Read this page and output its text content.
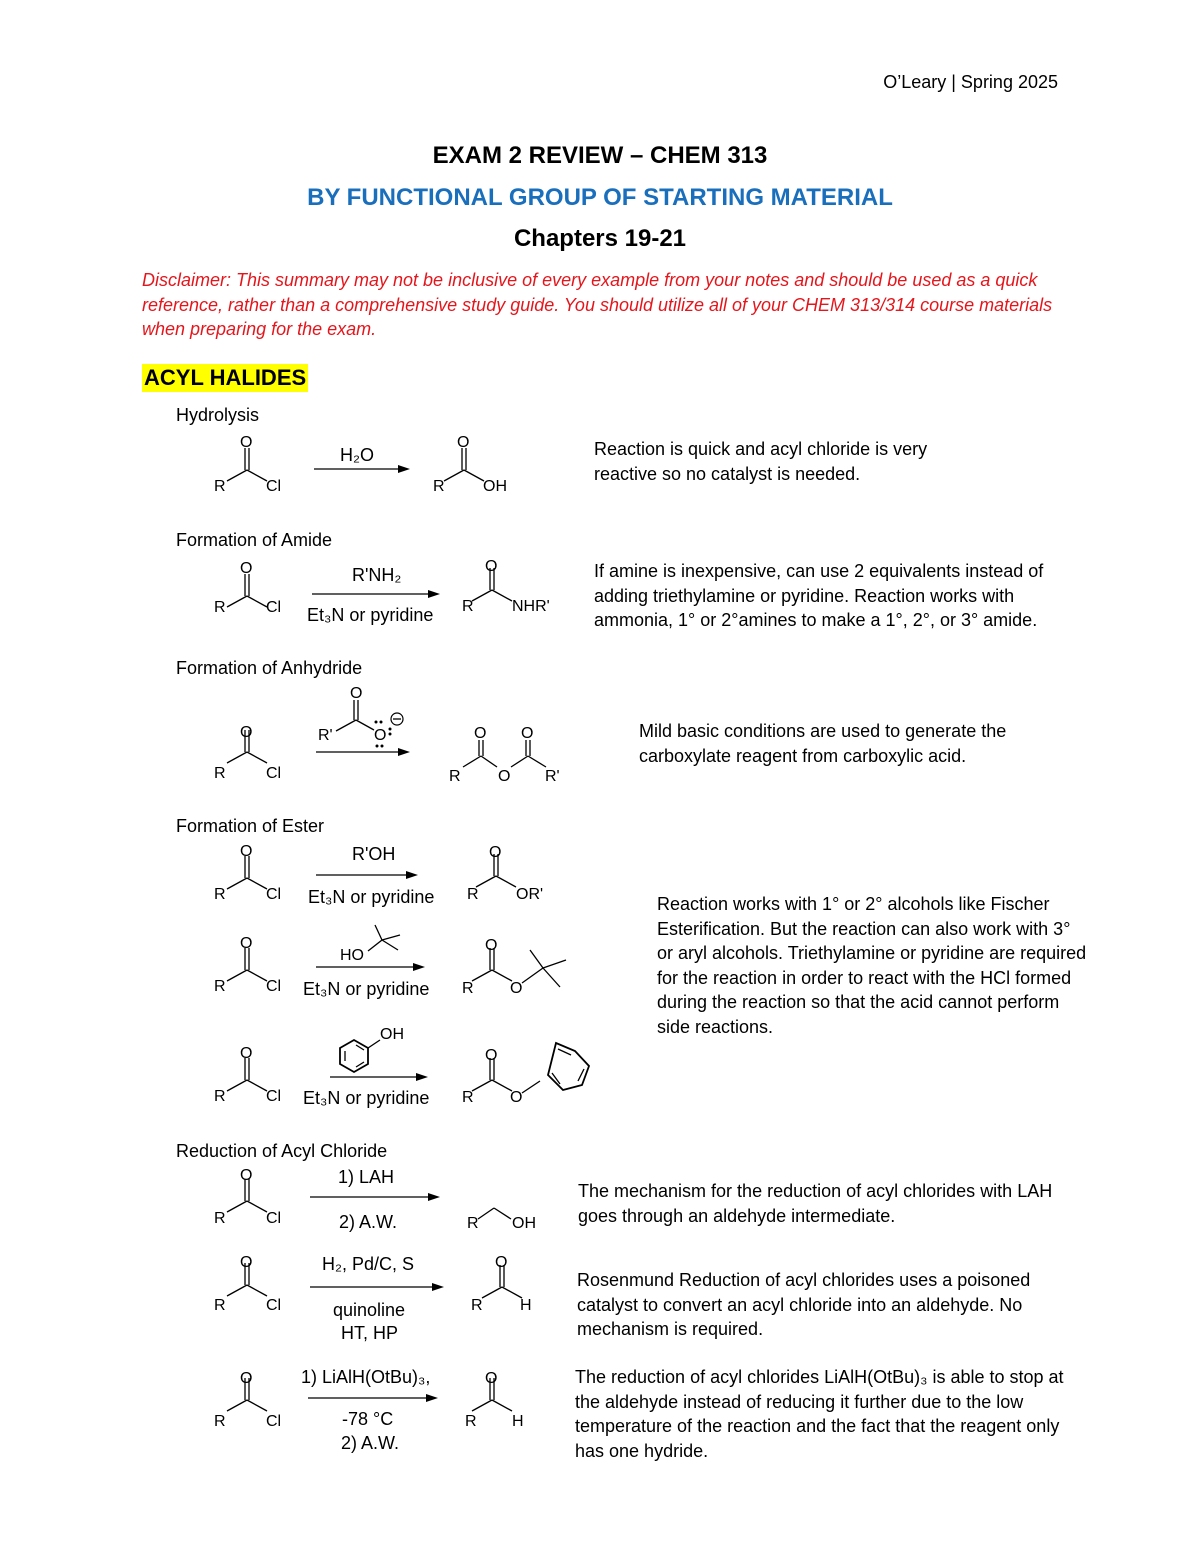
O’Leary | Spring 2025
EXAM 2 REVIEW – CHEM 313
BY FUNCTIONAL GROUP OF STARTING MATERIAL
Chapters 19-21
Disclaimer: This summary may not be inclusive of every example from your notes and should be used as a quick reference, rather than a comprehensive study guide. You should utilize all of your CHEM 313/314 course materials when preparing for the exam.
ACYL HALIDES
Hydrolysis
Formation of Amide
Formation of Anhydride
Formation of Ester
Reduction of Acyl Chloride
Reaction is quick and acyl chloride is very reactive so no catalyst is needed.
If amine is inexpensive, can use 2 equivalents instead of adding triethylamine or pyridine. Reaction works with ammonia, 1° or 2°amines to make a 1°, 2°, or 3° amide.
Mild basic conditions are used to generate the carboxylate reagent from carboxylic acid.
Reaction works with 1° or 2° alcohols like Fischer Esterification. But the reaction can also work with 3° or aryl alcohols. Triethylamine or pyridine are required for the reaction in order to react with the HCl formed during the reaction so that the acid cannot perform side reactions.
The mechanism for the reduction of acyl chlorides with LAH goes through an aldehyde intermediate.
Rosenmund Reduction of acyl chlorides uses a poisoned catalyst to convert an acyl chloride into an aldehyde. No mechanism is required.
The reduction of acyl chlorides LiAlH(OtBu)₃ is able to stop at the aldehyde instead of reducing it further due to the low temperature of the reaction and the fact that the reagent only has one hydride.
O
R	Cl
H₂O
O
R OH
O
R	Cl
R'NH₂
Et₃N or pyridine
O
R NHR'
O
R	Cl
O
R'	O	O O
R O R'
O
R	Cl
R'OH
Et₃N or pyridine
O
R OR'
O
R	Cl
HO
Et₃N or pyridine
O
R O
O
R	Cl
OH
Et₃N or pyridine
O
R O
O
R	Cl
1) LAH
2) A.W.	R OH
O
R	Cl
H₂, Pd/C, S
quinoline
HT, HP
O
R H
O
R	Cl
1) LiAlH(OtBu)₃,
-78 °C
2) A.W.
O
R H
